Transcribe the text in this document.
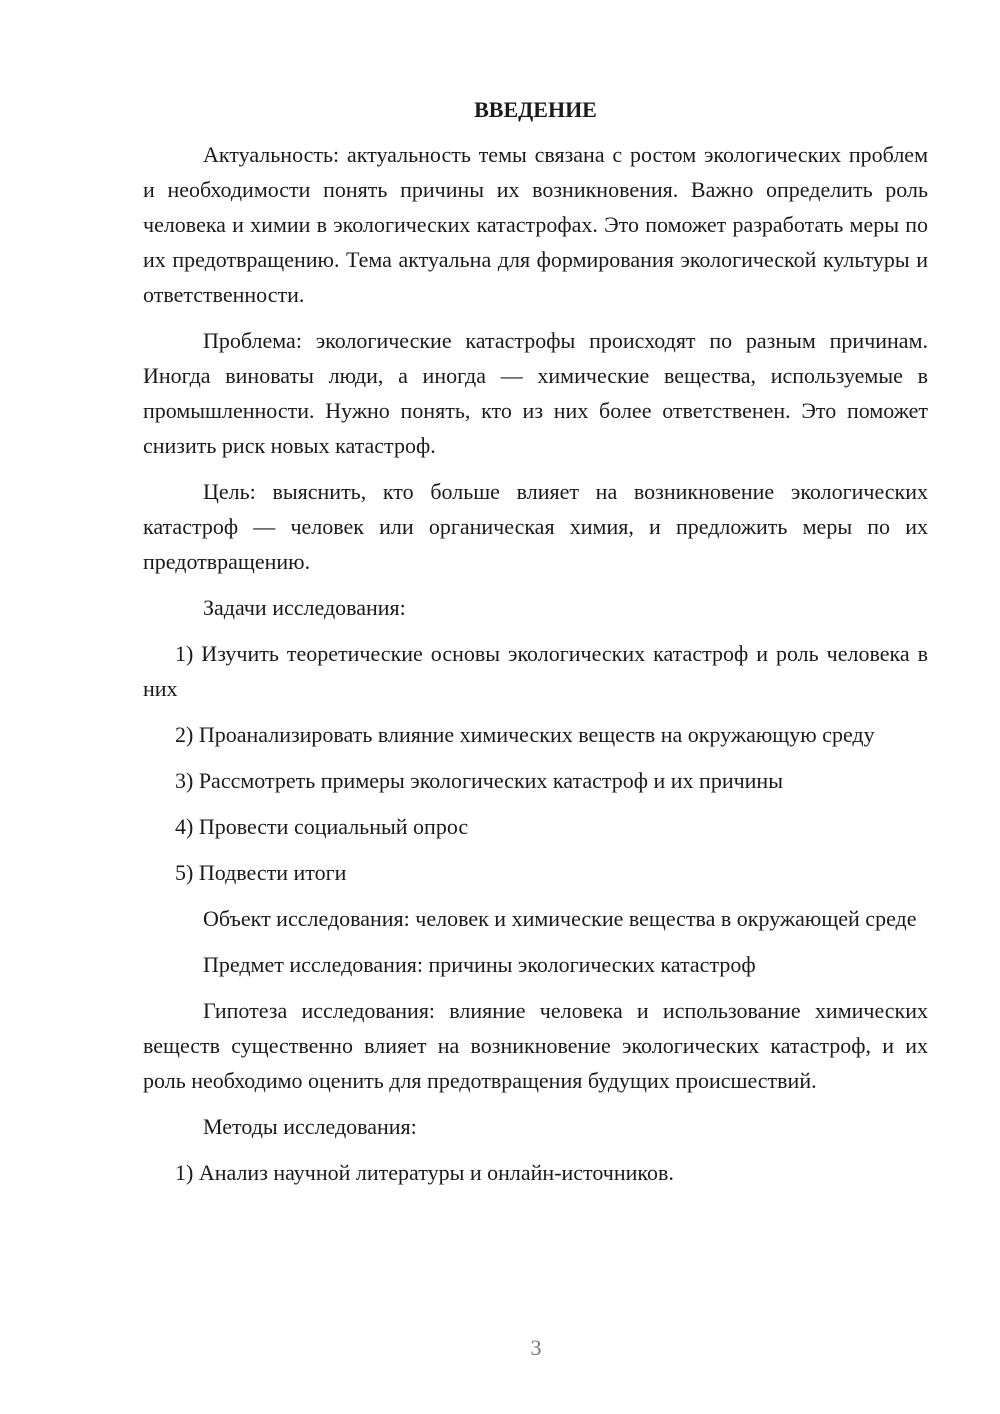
ВВЕДЕНИЕ

Актуальность: актуальность темы связана с ростом экологических проблем и необходимости понять причины их возникновения. Важно определить роль человека и химии в экологических катастрофах. Это поможет разработать меры по их предотвращению. Тема актуальна для формирования экологической культуры и ответственности.

Проблема: экологические катастрофы происходят по разным причинам. Иногда виноваты люди, а иногда — химические вещества, используемые в промышленности. Нужно понять, кто из них более ответственен. Это поможет снизить риск новых катастроф.

Цель: выяснить, кто больше влияет на возникновение экологических катастроф — человек или органическая химия, и предложить меры по их предотвращению.

Задачи исследования:

1) Изучить теоретические основы экологических катастроф и роль человека в них

2) Проанализировать влияние химических веществ на окружающую среду

3) Рассмотреть примеры экологических катастроф и их причины

4) Провести социальный опрос

5) Подвести итоги

Объект исследования: человек и химические вещества в окружающей среде

Предмет исследования: причины экологических катастроф

Гипотеза исследования: влияние человека и использование химических веществ существенно влияет на возникновение экологических катастроф, и их роль необходимо оценить для предотвращения будущих происшествий.

Методы исследования:

1) Анализ научной литературы и онлайн-источников.

3
